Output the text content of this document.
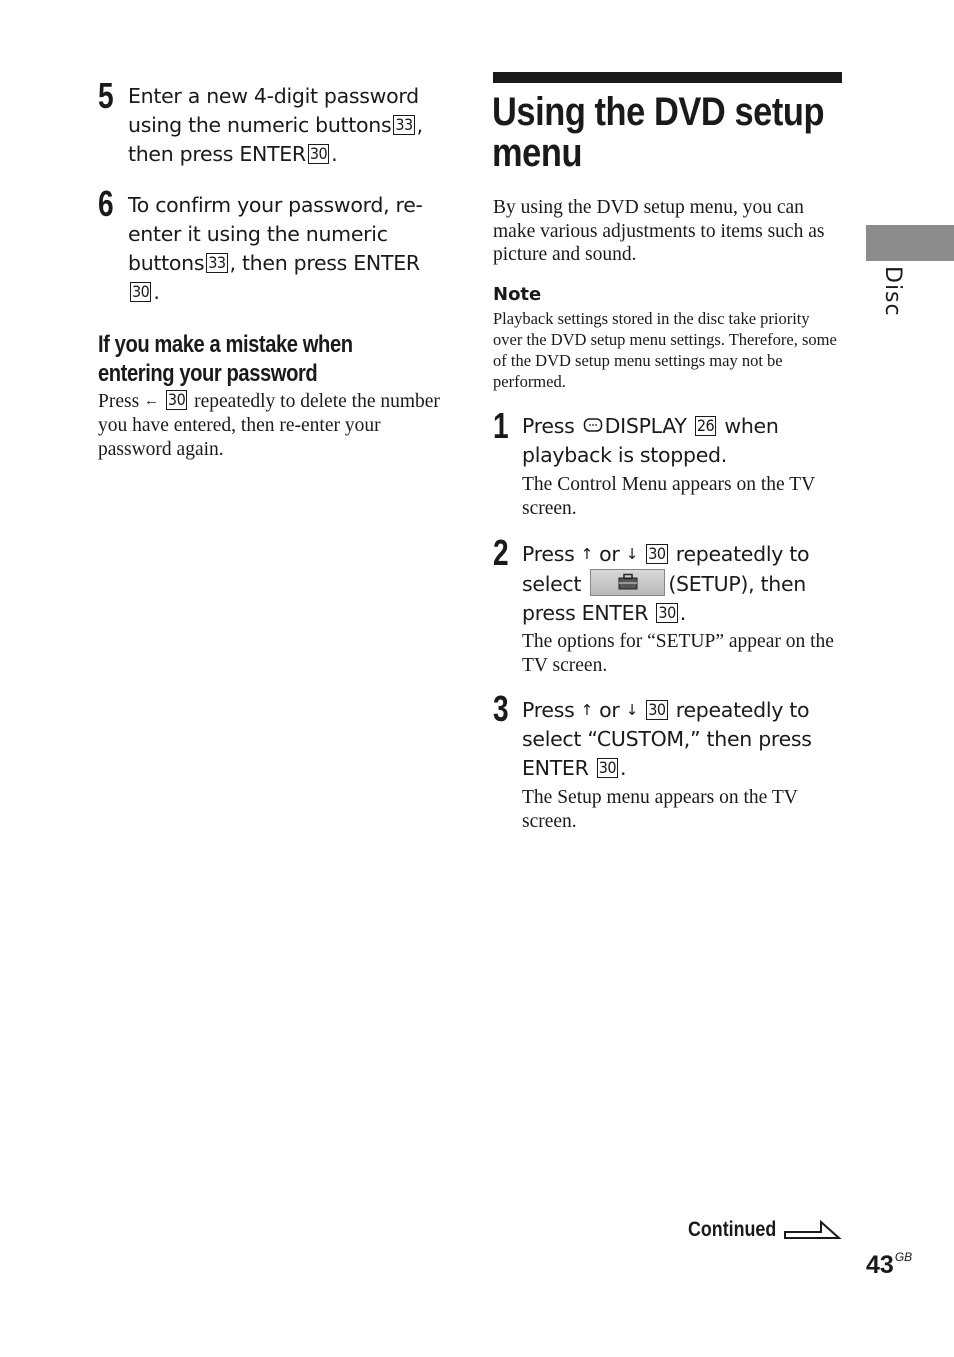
5 Enter a new 4-digit password using the numeric buttons 33 , then press ENTER 30 .
6 To confirm your password, re-enter it using the numeric buttons 33 , then press ENTER30 .
If you make a mistake when entering your password
Press ← 30 repeatedly to delete the number you have entered, then re-enter your password again.
Using the DVD setup
menu
By using the DVD setup menu, you can make various adjustments to items such as picture and sound.
Note
Playback settings stored in the disc take priority over the DVD setup menu settings. Therefore, some of the DVD setup menu settings may not be performed.
1 Press DISPLAY 26 when playback is stopped.
The Control Menu appears on the TV screen.
2 Press ↑ or ↓ 30 repeatedly to select	(SETUP), then press ENTER 30 .
The options for “SETUP” appear on the TV screen.
3 Press ↑ or ↓ 30 repeatedly to select “CUSTOM,” then press ENTER 30 .
The Setup menu appears on the TV screen.
Disc
Continued
$43^{GB}$
